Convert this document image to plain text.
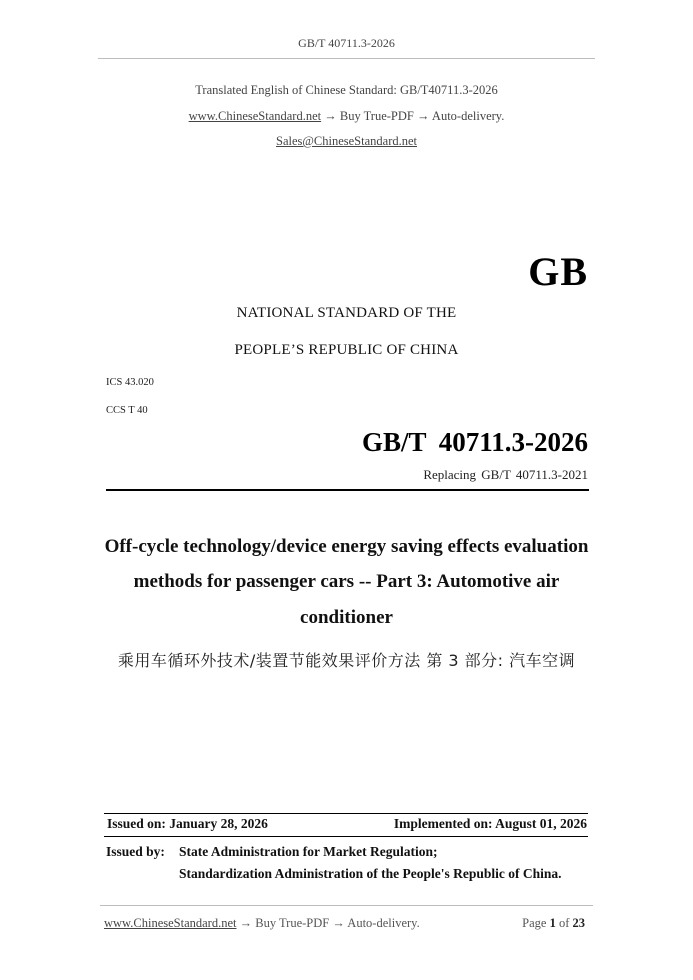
GB/T 40711.3-2026
Translated English of Chinese Standard: GB/T40711.3-2026
www.ChineseStandard.net → Buy True-PDF → Auto-delivery.
Sales@ChineseStandard.net
GB
NATIONAL STANDARD OF THE
PEOPLE’S REPUBLIC OF CHINA
ICS 43.020
CCS T 40
GB/T 40711.3-2026
Replacing GB/T 40711.3-2021
Off-cycle technology/device energy saving effects evaluation
methods for passenger cars -- Part 3: Automotive air
conditioner
乘用车循环外技术/装置节能效果评价方法 第 3 部分: 汽车空调
Issued on: January 28, 2026	Implemented on: August 01, 2026
Issued by: State Administration for Market Regulation;
Standardization Administration of the People's Republic of China.
www.ChineseStandard.net → Buy True-PDF → Auto-delivery.	Page 1 of 23
